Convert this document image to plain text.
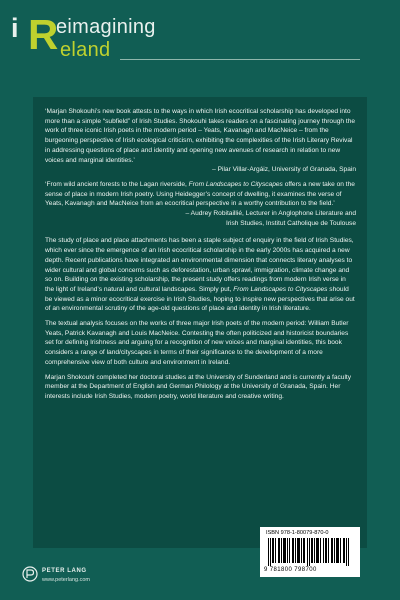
i R
eimagining
eland

‘Marjan Shokouhi’s new book attests to the ways in which Irish ecocritical scholarship has developed into more than a simple “subfield” of Irish Studies. Shokouhi takes readers on a fascinating journey through the work of three iconic Irish poets in the modern period – Yeats, Kavanagh and MacNeice – from the burgeoning perspective of Irish ecological criticism, exhibiting the complexities of the Irish Literary Revival in addressing questions of place and identity and opening new avenues of research in relation to new voices and marginal identities.’

– Pilar Villar-Argáiz, University of Granada, Spain

‘From wild ancient forests to the Lagan riverside, From Landscapes to Cityscapes offers a new take on the sense of place in modern Irish poetry. Using Heidegger’s concept of dwelling, it examines the verse of Yeats, Kavanagh and MacNeice from an ecocritical perspective in a worthy contribution to the field.’

– Audrey Robitaillié, Lecturer in Anglophone Literature and
Irish Studies, Institut Catholique de Toulouse

The study of place and place attachments has been a staple subject of enquiry in the field of Irish Studies, which ever since the emergence of an Irish ecocritical scholarship in the early 2000s has acquired a new depth. Recent publications have integrated an environmental dimension that connects literary analyses to wider cultural and global concerns such as deforestation, urban sprawl, immigration, climate change and so on. Building on the existing scholarship, the present study offers readings from modern Irish verse in the light of Ireland’s natural and cultural landscapes. Simply put, From Landscapes to Cityscapes should be viewed as a minor ecocritical exercise in Irish Studies, hoping to inspire new perspectives that arise out of an environmental scrutiny of the age-old questions of place and identity in Irish literature.

The textual analysis focuses on the works of three major Irish poets of the modern period: William Butler Yeats, Patrick Kavanagh and Louis MacNeice. Contesting the often politicized and historicist boundaries set for defining Irishness and arguing for a recognition of new voices and marginal identities, this book considers a range of land/cityscapes in terms of their significance to the development of a more comprehensive view of both culture and environment in Ireland.

Marjan Shokouhi completed her doctoral studies at the University of Sunderland and is currently a faculty member at the Department of English and German Philology at the University of Granada, Spain. Her interests include Irish Studies, modern poetry, world literature and creative writing.

ISBN 978-1-80079-870-0
9 781800 798700
PETER LANG
www.peterlang.com
